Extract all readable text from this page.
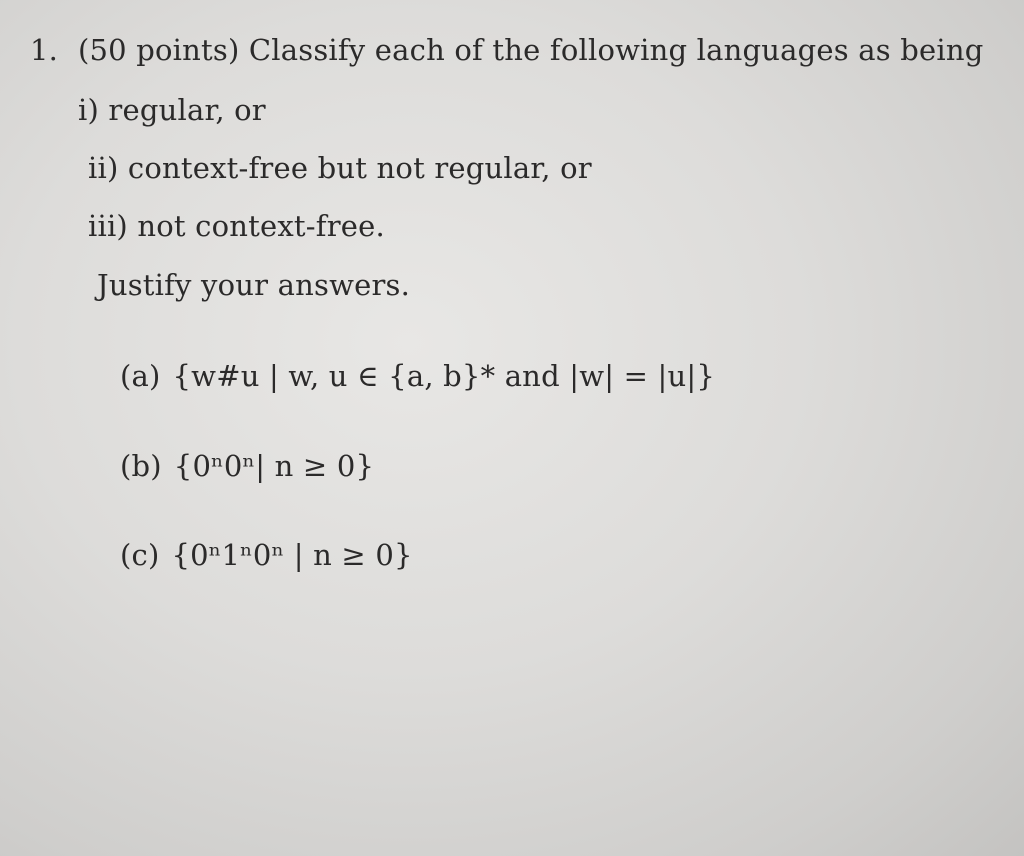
1. (50 points) Classify each of the following languages as being
i) regular, or
ii) context-free but not regular, or
iii) not context-free.
Justify your answers.
(a) {w#u | w, u ∈ {a, b}* and |w| = |u|}
(b) {0ⁿ0ⁿ| n ≥ 0}
(c) {0ⁿ1ⁿ0ⁿ | n ≥ 0}
